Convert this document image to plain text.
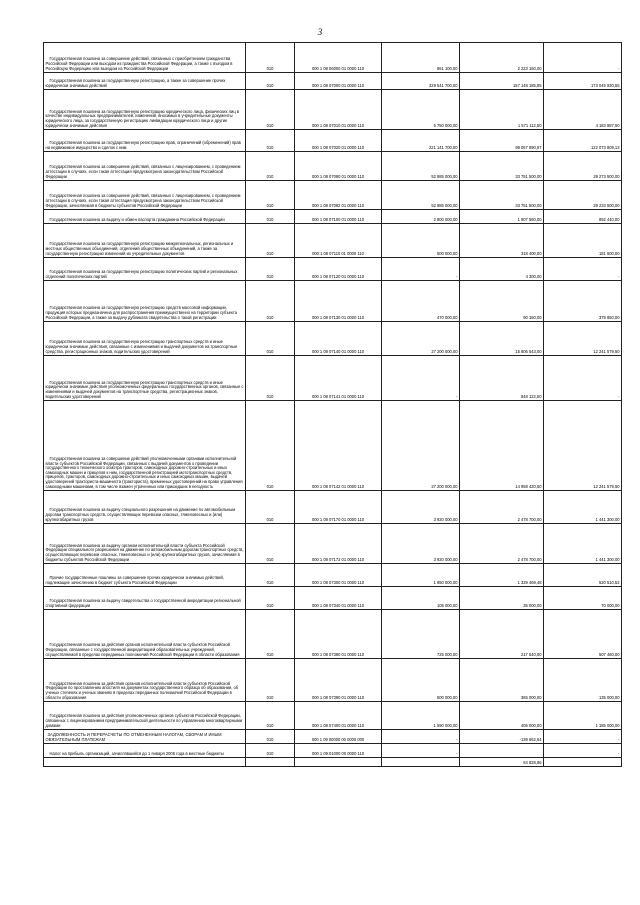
3
Государственная пошлина за совершение действий, связанных с приобретением гражданства Российской Федерации или выходом из гражданства Российской Федерации, а также с въездом в Российскую Федерацию или выездом из Российской Федерации	010	000 1 08 06000 01 0000 110	861 100,00	2 223 150,00	-
Государственная пошлина за государственную регистрацию, а также за совершение прочих юридически значимых действий	010	000 1 08 07000 01 0000 110	329 541 700,00	157 148 185,85	173 045 930,65
Государственная пошлина за государственную регистрацию юридического лица, физических лиц в качестве индивидуальных предпринимателей, изменений, вносимых в учредительные документы юридического лица, за государственную регистрацию ликвидации юридического лица и другие юридически значимые действия	010	000 1 08 07010 01 0000 110	5 750 000,00	1 571 112,50	4 183 887,50
Государственная пошлина за государственную регистрацию прав, ограничений (обременений) прав на недвижимое имущество и сделок с ним	010	000 1 08 07020 01 0000 110	221 141 700,00	99 067 890,87	122 073 809,13
Государственная пошлина за совершение действий, связанных с лицензированием, с проведением аттестации в случаях, если такая аттестация предусмотрена законодательством Российской Федерации	010	000 1 08 07080 01 0000 110	52 985 000,00	33 751 500,00	29 273 500,00
Государственная пошлина за совершение действий, связанных с лицензированием, с проведением аттестации в случаях, если такая аттестация предусмотрена законодательством Российской Федерации, зачисляемая в бюджеты субъектов Российской Федерации	010	000 1 08 07082 01 0000 110	52 985 000,00	33 751 500,00	29 233 500,00
Государственная пошлина за выдачу и обмен паспорта гражданина Российской Федерации	010	000 1 08 07100 01 0000 110	2 800 000,00	1 907 560,00	892 440,00
Государственная пошлина за государственную регистрацию межрегиональных, региональных и местных общественных объединений, отделений общественных объединений, а также за государственную регистрацию изменений их учредительных документов	010	000 1 08 07110 01 0000 110	500 000,00	318 400,00	181 600,00
Государственная пошлина за государственную регистрацию политических партий и региональных отделений политических партий	010	000 1 08 07120 01 0000 110	-	4 300,00	-
Государственная пошлина за государственную регистрацию средств массовой информации, продукция которых предназначена для распространения преимущественно на территории субъекта Российской Федерации, а также за выдачу дубликата свидетельства о такой регистрации	010	000 1 08 07130 01 0000 110	470 000,00	90 150,00	379 850,00
Государственная пошлина за государственную регистрацию транспортных средств и иные юридически значимые действия, связанные с изменениями и выдачей документов на транспортные средства, регистрационных знаков, водительских удостоверений	010	000 1 08 07140 01 0000 110	27 200 000,00	15 806 543,00	12 241 579,50
Государственная пошлина за государственную регистрацию транспортных средств и иные юридически значимые действия уполномоченных федеральных государственных органов, связанные с изменениями и выдачей документов на транспортные средства, регистрационных знаков, водительских удостоверений	010	000 1 08 07141 01 0000 110	-	848 122,50	-
Государственная пошлина за совершение действий уполномоченными органами исполнительной власти субъектов Российской Федерации, связанных с выдачей документов о проведении государственного технического осмотра тракторов, самоходных дорожно-строительных и иных самоходных машин и прицепов к ним, государственной регистрацией мототранспортных средств, прицепов, тракторов, самоходных дорожно-строительных и иных самоходных машин, выдачей удостоверений тракториста-машиниста (тракториста), временных удостоверений на право управления самоходными машинами, в том числе взамен утраченных или пришедших в негодность	010	000 1 08 07142 01 0000 110	27 200 000,00	14 958 420,50	12 241 579,50
Государственная пошлина за выдачу специального разрешения на движение по автомобильным дорогам транспортных средств, осуществляющих перевозки опасных, тяжеловесных и (или) крупногабаритных грузов	010	000 1 08 07170 01 0000 110	3 920 000,00	2 478 700,00	1 441 300,00
Государственная пошлина за выдачу органом исполнительной власти субъекта Российской Федерации специального разрешения на движение по автомобильным дорогам транспортных средств, осуществляющих перевозки опасных, тяжеловесных и (или) крупногабаритных грузов, зачисляемая в бюджеты субъектов Российской Федерации	010	000 1 08 07172 01 0000 110	3 920 000,00	2 478 700,00	1 441 300,00
Прочие государственные пошлины за совершение прочих юридически значимых действий, подлежащие зачислению в бюджет субъекта Российской Федерации	010	000 1 08 07300 01 0000 110	1 850 000,00	1 329 469,48	520 510,52
Государственная пошлина за выдачу свидетельства о государственной аккредитации региональной спортивной федерации	010	000 1 08 07340 01 0000 110	105 000,00	35 000,00	70 000,00
Государственная пошлина за действия органов исполнительной власти субъектов Российской Федерации, связанные с государственной аккредитацией образовательных учреждений, осуществляемой в пределах переданных полномочий Российской Федерации в области образования	010	000 1 08 07380 01 0000 110	725 000,00	217 540,00	507 460,00
Государственная пошлина за действия органов исполнительной власти субъектов Российской Федерации по проставлению апостиля на документах государственного образца об образовании, об ученых степенях и ученых званиях в пределах переданных полномочий Российской Федерации в области образования	010	000 1 08 07390 01 0000 110	500 000,00	365 000,00	135 000,00
Государственная пошлина за действия уполномоченных органов субъектов Российской Федерации, связанных с лицензированием предпринимательской деятельности по управлению многоквартирными домами	010	000 1 08 07400 01 0000 110	1 590 000,00	405 000,00	1 185 000,00
ЗАДОЛЖЕННОСТЬ И ПЕРЕРАСЧЕТЫ ПО ОТМЕНЕННЫМ НАЛОГАМ, СБОРАМ И ИНЫМ ОБЯЗАТЕЛЬНЫМ ПЛАТЕЖАМ	010	000 1 09 00000 00 0000 000	-	-139 662,64	-
Налог на прибыль организаций, зачислявшийся до 1 января 2005 года в местные бюджеты	010	000 1 09 01000 00 0000 110	-		-
				64 828,86	
